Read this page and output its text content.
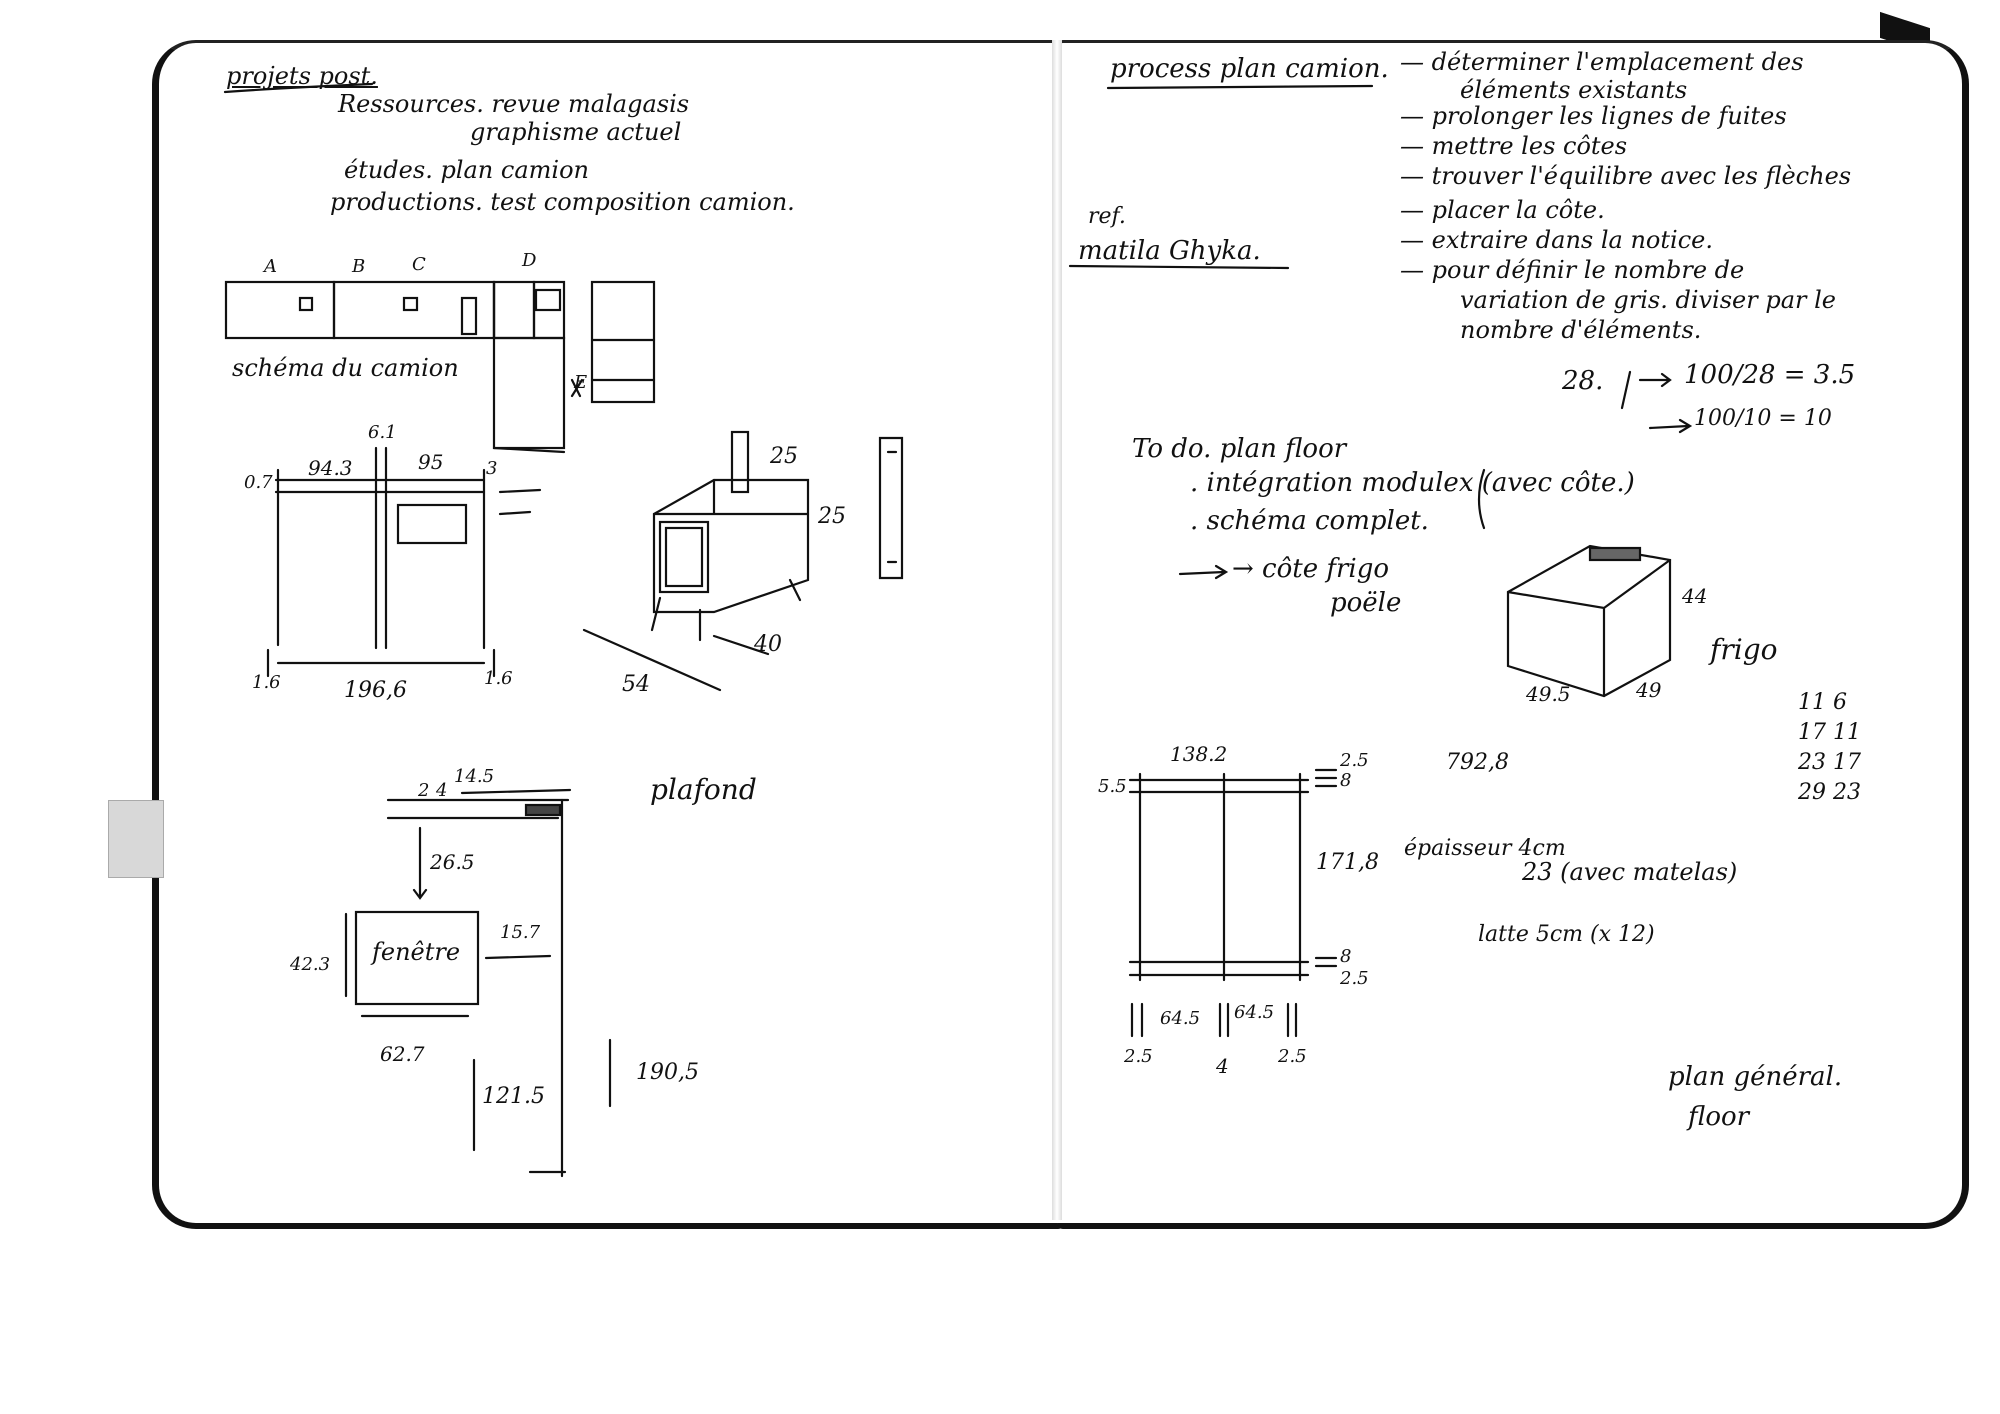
projets post.
Ressources. revue malagasis
graphisme actuel
études. plan camion
productions. test composition camion.
A	B	C	D
E
schéma du camion
6.1
94.3	95
0.7
3
1.6	196,6	1.6
25
25
54
40
2 4
14.5	plafond
26.5
fenêtre
42.3
15.7
62.7
121.5
190,5
process plan camion. — déterminer l'emplacement des
éléments existants
— prolonger les lignes de fuites
— mettre les côtes
— trouver l'équilibre avec les flèches
— placer la côte.
— extraire dans la notice.
— pour définir le nombre de
variation de gris. diviser par le
nombre d'éléments.
ref.
matila Ghyka.
28.	100/28 = 3.5
100/10 = 10
To do. plan floor
. intégration modulex (avec côte.)
. schéma complet.
→ côte frigo
poële	44
frigo
49.5	49	11 6
17 11
23 17
29 23
138.2
5.5
2.5
8
171,8
8
2.5
64.5 64.5
2.5	4	2.5
792,8
épaisseur 4cm
23 (avec matelas)
latte 5cm (x 12)
plan général.
floor
